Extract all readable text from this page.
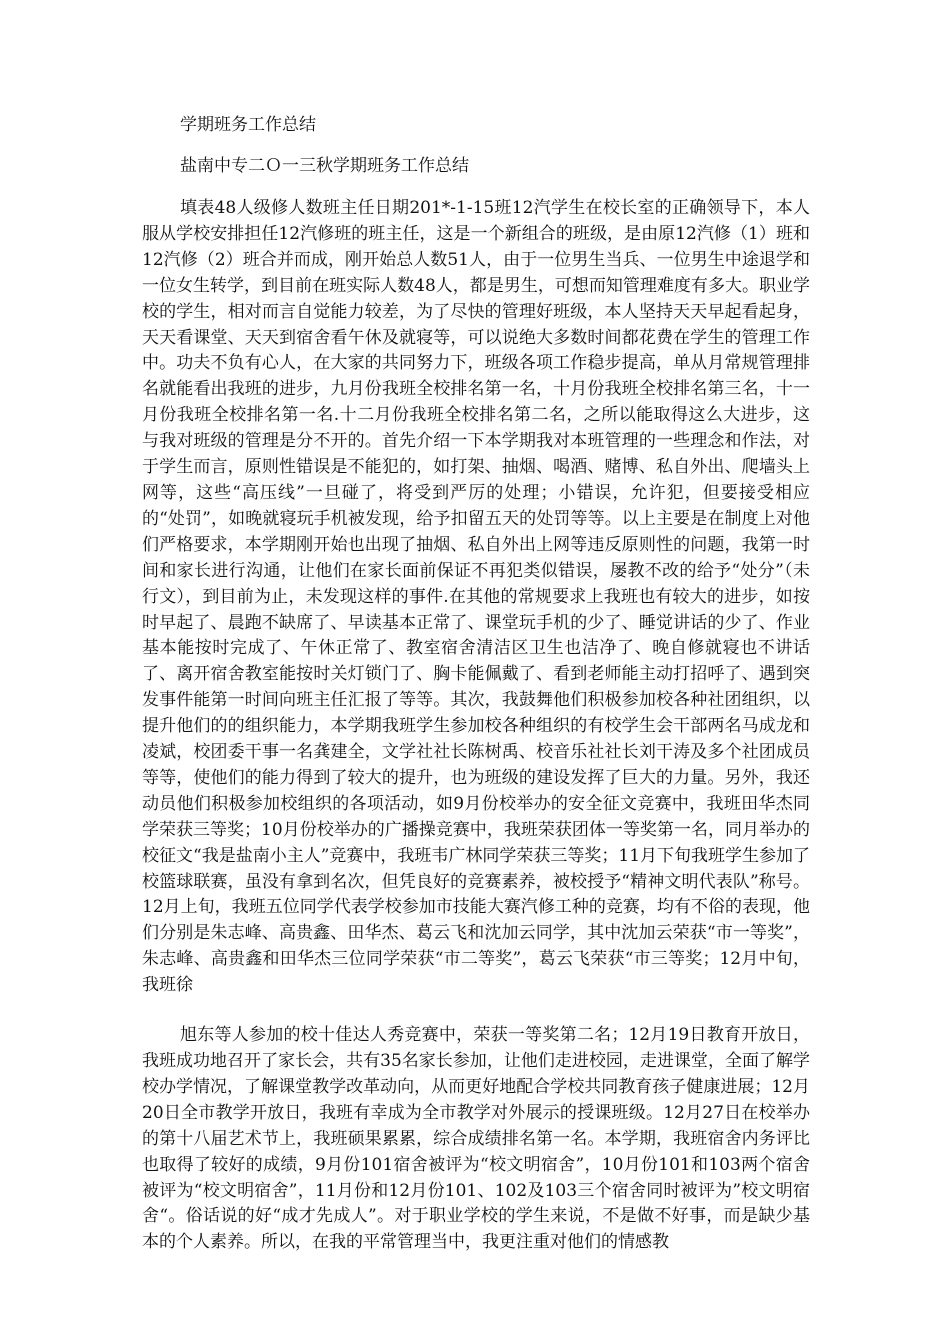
学期班务工作总结
盐南中专二Ｏ一三秋学期班务工作总结

填表48人级修人数班主任日期201*-1-15班12汽学生在校长室的正确领导下，本人服从学校安排担任12汽修班的班主任，这是一个新组合的班级，是由原12汽修（1）班和12汽修（2）班合并而成，刚开始总人数51人，由于一位男生当兵、一位男生中途退学和一位女生转学，到目前在班实际人数48人，都是男生，可想而知管理难度有多大。职业学校的学生，相对而言自觉能力较差，为了尽快的管理好班级，本人坚持天天早起看起身，天天看课堂、天天到宿舍看午休及就寝等，可以说绝大多数时间都花费在学生的管理工作中。功夫不负有心人，在大家的共同努力下，班级各项工作稳步提高，单从月常规管理排名就能看出我班的进步，九月份我班全校排名第一名，十月份我班全校排名第三名，十一月份我班全校排名第一名.十二月份我班全校排名第二名，之所以能取得这么大进步，这与我对班级的管理是分不开的。首先介绍一下本学期我对本班管理的一些理念和作法，对于学生而言，原则性错误是不能犯的，如打架、抽烟、喝酒、赌博、私自外出、爬墙头上网等，这些“高压线”一旦碰了，将受到严厉的处理；小错误，允许犯，但要接受相应的“处罚”，如晚就寝玩手机被发现，给予扣留五天的处罚等等。以上主要是在制度上对他们严格要求，本学期刚开始也出现了抽烟、私自外出上网等违反原则性的问题，我第一时间和家长进行沟通，让他们在家长面前保证不再犯类似错误，屡教不改的给予“处分”（未行文），到目前为止，未发现这样的事件.在其他的常规要求上我班也有较大的进步，如按时早起了、晨跑不缺席了、早读基本正常了、课堂玩手机的少了、睡觉讲话的少了、作业基本能按时完成了、午休正常了、教室宿舍清洁区卫生也洁净了、晚自修就寝也不讲话了、离开宿舍教室能按时关灯锁门了、胸卡能佩戴了、看到老师能主动打招呼了、遇到突发事件能第一时间向班主任汇报了等等。其次，我鼓舞他们积极参加校各种社团组织，以提升他们的的组织能力，本学期我班学生参加校各种组织的有校学生会干部两名马成龙和凌斌，校团委干事一名龚建全，文学社社长陈树禹、校音乐社社长刘干涛及多个社团成员等等，使他们的能力得到了较大的提升，也为班级的建设发挥了巨大的力量。另外，我还动员他们积极参加校组织的各项活动，如9月份校举办的安全征文竞赛中，我班田华杰同学荣获三等奖；10月份校举办的广播操竞赛中，我班荣获团体一等奖第一名，同月举办的校征文“我是盐南小主人”竞赛中，我班韦广林同学荣获三等奖；11月下旬我班学生参加了校篮球联赛，虽没有拿到名次，但凭良好的竞赛素养，被校授予“精神文明代表队”称号。12月上旬，我班五位同学代表学校参加市技能大赛汽修工种的竞赛，均有不俗的表现，他们分别是朱志峰、高贵鑫、田华杰、葛云飞和沈加云同学，其中沈加云荣获“市一等奖”，朱志峰、高贵鑫和田华杰三位同学荣获“市二等奖”，葛云飞荣获“市三等奖；12月中旬，我班徐

旭东等人参加的校十佳达人秀竞赛中，荣获一等奖第二名；12月19日教育开放日，我班成功地召开了家长会，共有35名家长参加，让他们走进校园，走进课堂，全面了解学校办学情况，了解课堂教学改革动向，从而更好地配合学校共同教育孩子健康进展；12月20日全市教学开放日，我班有幸成为全市教学对外展示的授课班级。12月27日在校举办的第十八届艺术节上，我班硕果累累，综合成绩排名第一名。本学期，我班宿舍内务评比也取得了较好的成绩，9月份101宿舍被评为“校文明宿舍”，10月份101和103两个宿舍被评为“校文明宿舍”，11月份和12月份101、102及103三个宿舍同时被评为”校文明宿舍“。俗话说的好“成才先成人”。对于职业学校的学生来说，不是做不好事，而是缺少基本的个人素养。所以，在我的平常管理当中，我更注重对他们的情感教
